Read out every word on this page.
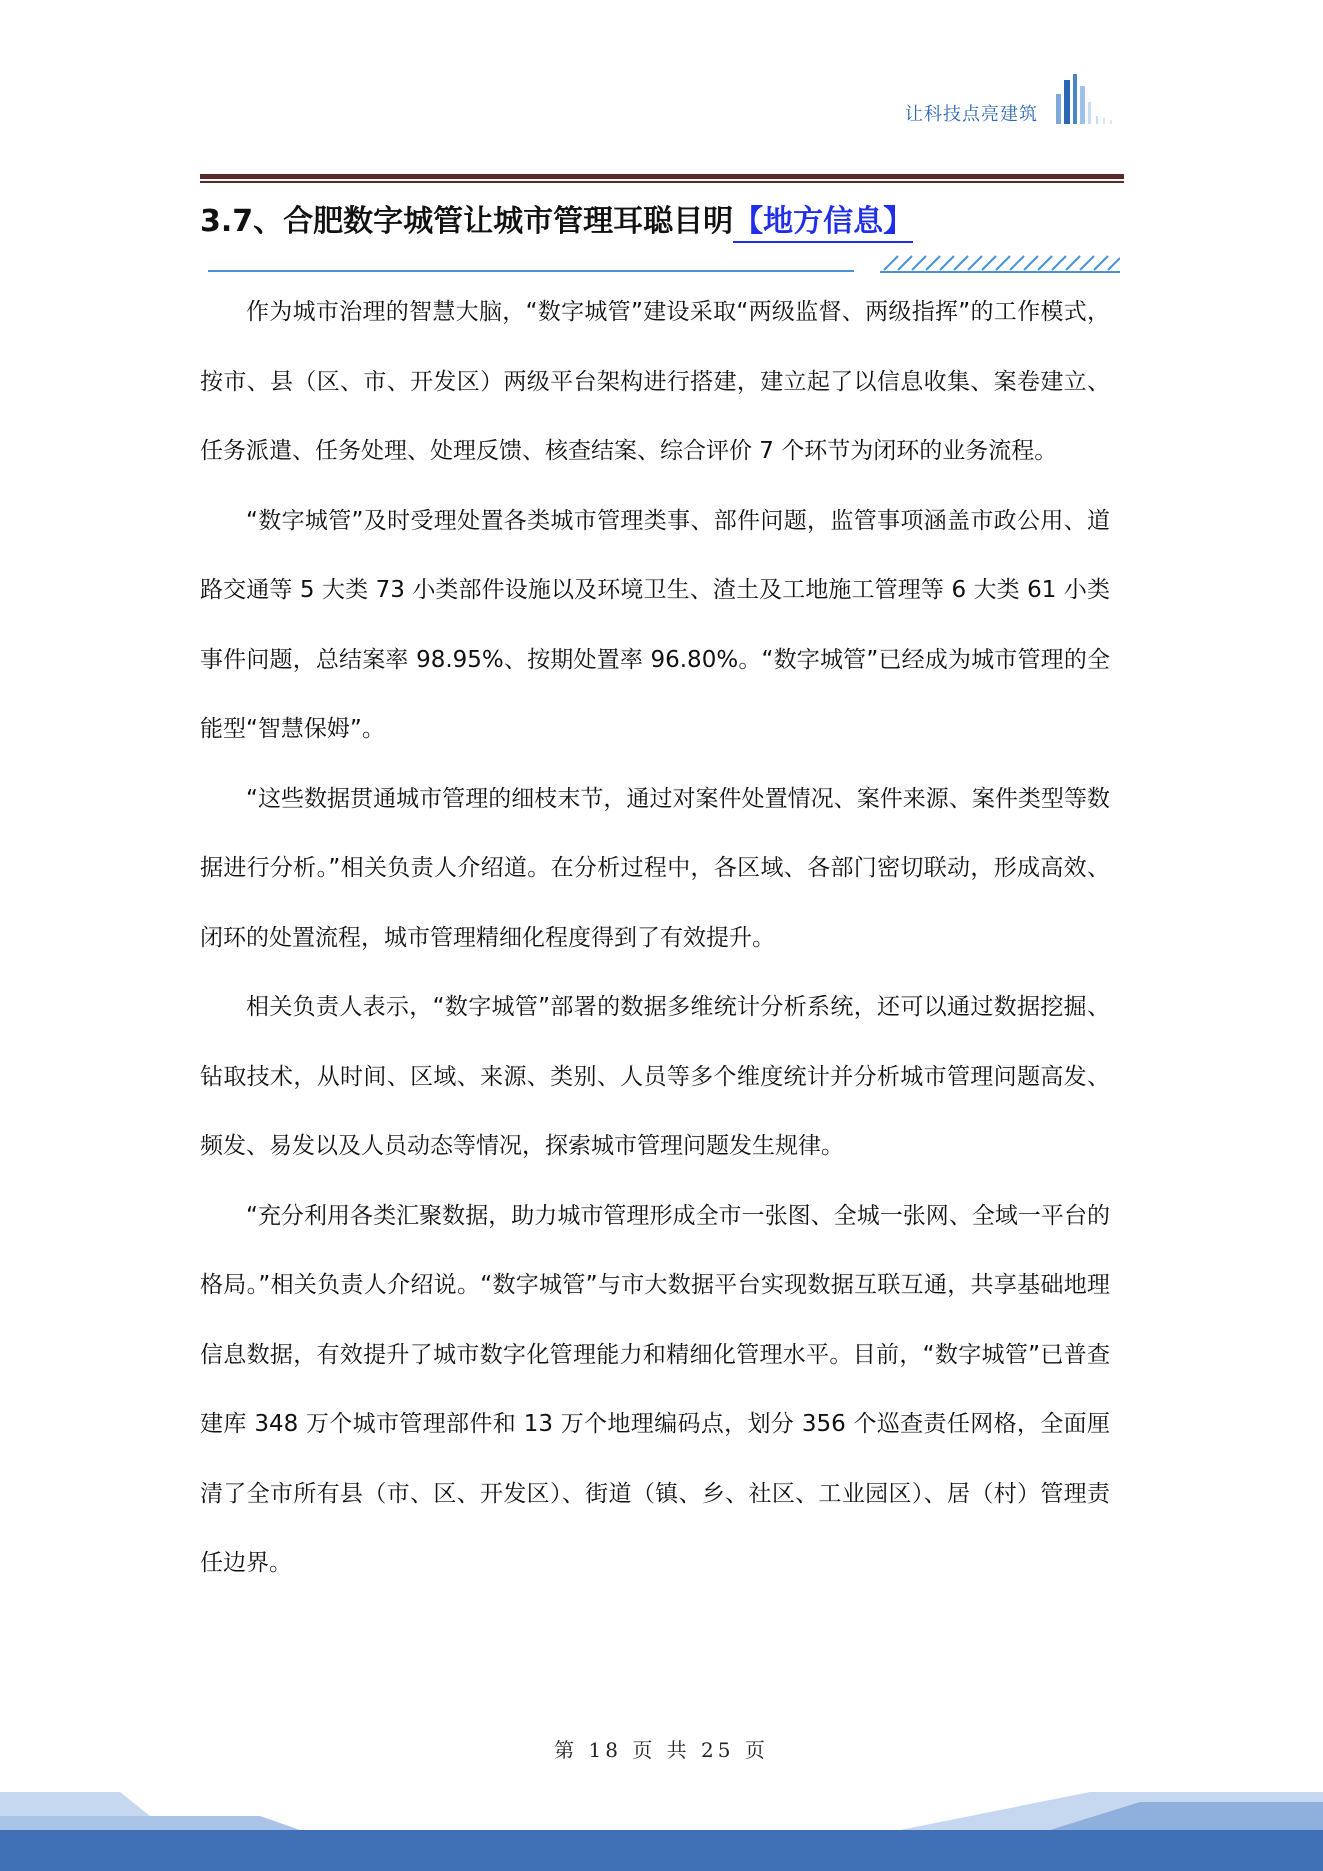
让科技点亮建筑
3.7、合肥数字城管让城市管理耳聪目明【地方信息】

作为城市治理的智慧大脑，“数字城管”建设采取“两级监督、两级指挥”的工作模式，按市、县（区、市、开发区）两级平台架构进行搭建，建立起了以信息收集、案卷建立、任务派遣、任务处理、处理反馈、核查结案、综合评价 7 个环节为闭环的业务流程。

“数字城管”及时受理处置各类城市管理类事、部件问题，监管事项涵盖市政公用、道路交通等 5 大类 73 小类部件设施以及环境卫生、渣土及工地施工管理等 6 大类 61 小类事件问题，总结案率 98.95%、按期处置率 96.80%。“数字城管”已经成为城市管理的全能型“智慧保姆”。

“这些数据贯通城市管理的细枝末节，通过对案件处置情况、案件来源、案件类型等数据进行分析。”相关负责人介绍道。在分析过程中，各区域、各部门密切联动，形成高效、闭环的处置流程，城市管理精细化程度得到了有效提升。

相关负责人表示，“数字城管”部署的数据多维统计分析系统，还可以通过数据挖掘、钻取技术，从时间、区域、来源、类别、人员等多个维度统计并分析城市管理问题高发、频发、易发以及人员动态等情况，探索城市管理问题发生规律。

“充分利用各类汇聚数据，助力城市管理形成全市一张图、全城一张网、全域一平台的格局。”相关负责人介绍说。“数字城管”与市大数据平台实现数据互联互通，共享基础地理信息数据，有效提升了城市数字化管理能力和精细化管理水平。目前，“数字城管”已普查建库 348 万个城市管理部件和 13 万个地理编码点，划分 356 个巡查责任网格，全面厘清了全市所有县（市、区、开发区）、街道（镇、乡、社区、工业园区）、居（村）管理责任边界。

第 18 页 共 25 页
